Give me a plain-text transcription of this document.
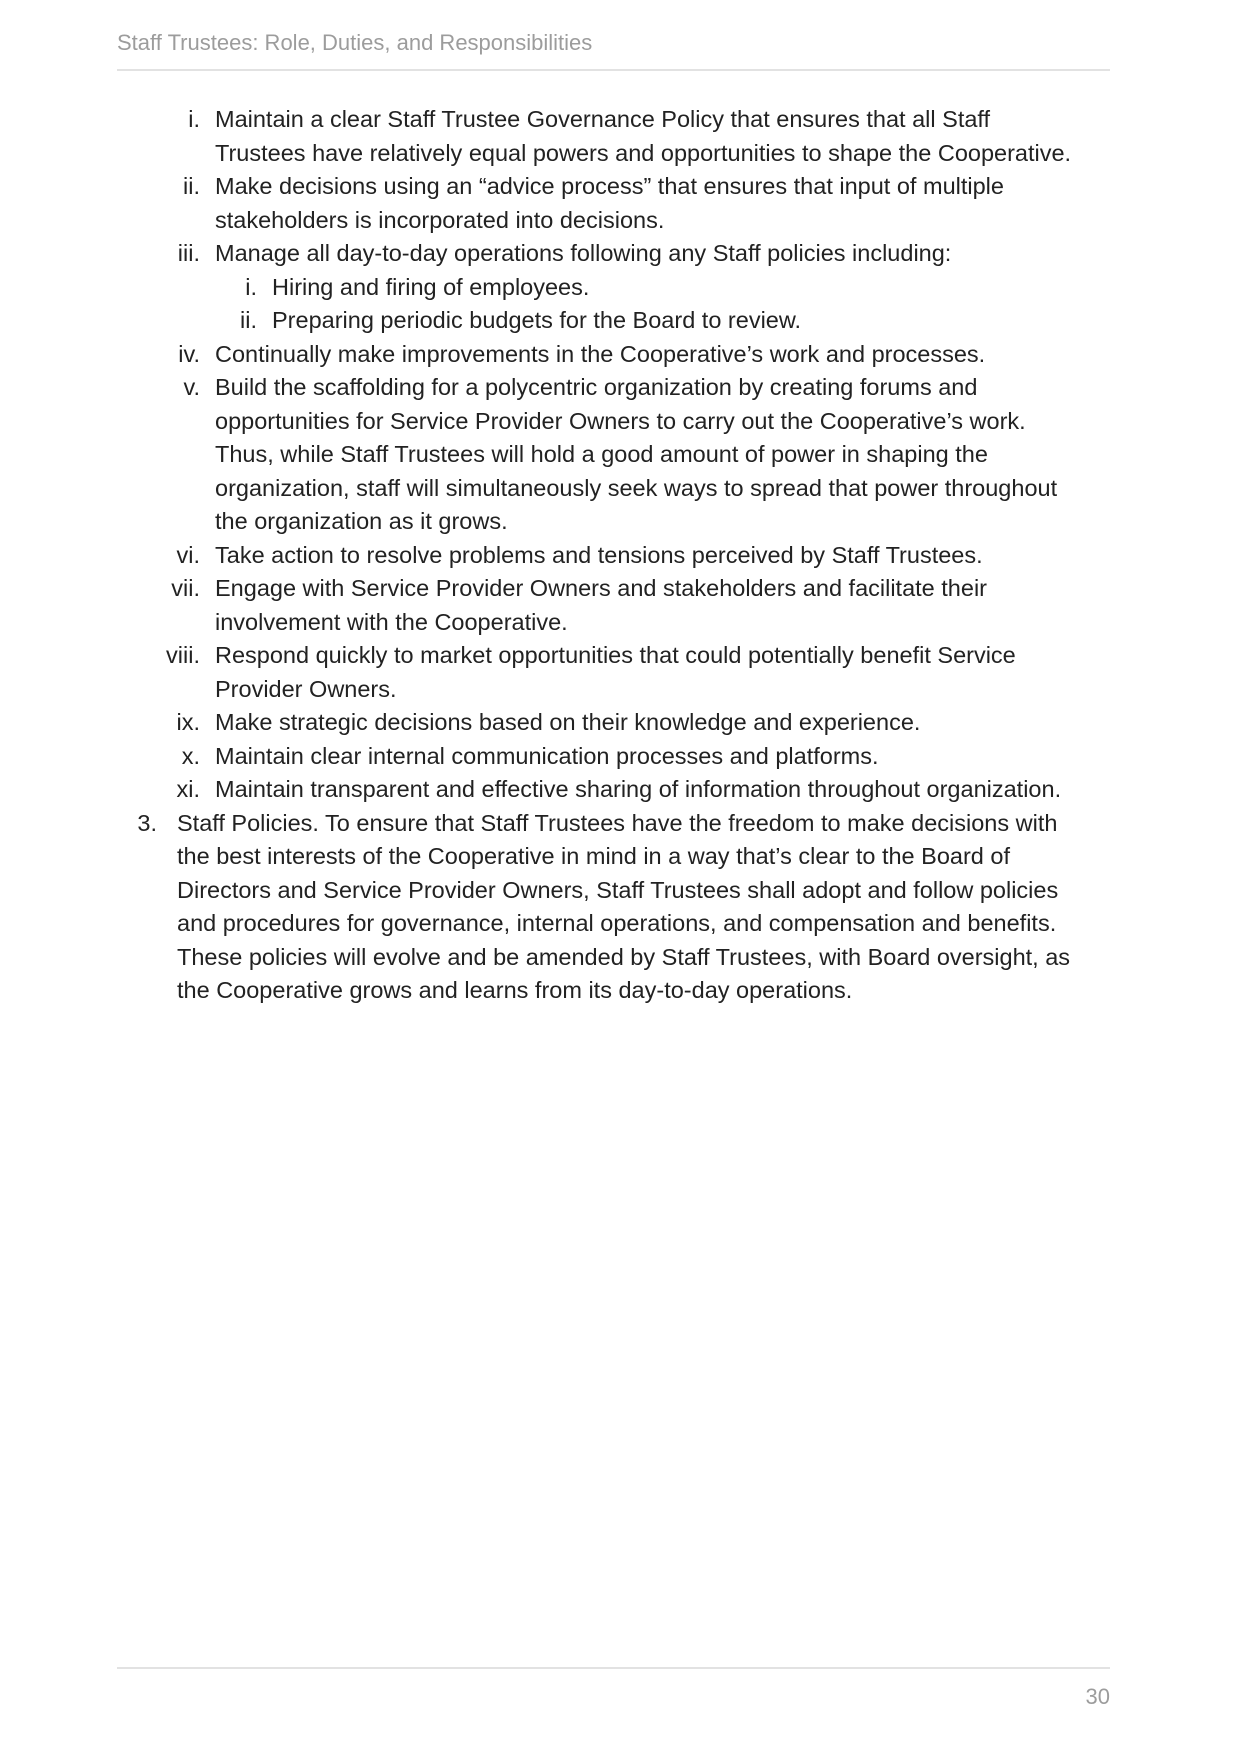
Staff Trustees: Role, Duties, and Responsibilities
i. Maintain a clear Staff Trustee Governance Policy that ensures that all Staff
Trustees have relatively equal powers and opportunities to shape the Cooperative.
ii. Make decisions using an “advice process” that ensures that input of multiple
stakeholders is incorporated into decisions.
iii. Manage all day-to-day operations following any Staff policies including:
i. Hiring and firing of employees.
ii. Preparing periodic budgets for the Board to review.
iv. Continually make improvements in the Cooperative’s work and processes.
v. Build the scaffolding for a polycentric organization by creating forums and
opportunities for Service Provider Owners to carry out the Cooperative’s work.
Thus, while Staff Trustees will hold a good amount of power in shaping the
organization, staff will simultaneously seek ways to spread that power throughout
the organization as it grows.
vi. Take action to resolve problems and tensions perceived by Staff Trustees.
vii. Engage with Service Provider Owners and stakeholders and facilitate their
involvement with the Cooperative.
viii. Respond quickly to market opportunities that could potentially benefit Service
Provider Owners.
ix. Make strategic decisions based on their knowledge and experience.
x. Maintain clear internal communication processes and platforms.
xi. Maintain transparent and effective sharing of information throughout organization.
3. Staff Policies. To ensure that Staff Trustees have the freedom to make decisions with
the best interests of the Cooperative in mind in a way that’s clear to the Board of
Directors and Service Provider Owners, Staff Trustees shall adopt and follow policies
and procedures for governance, internal operations, and compensation and benefits.
These policies will evolve and be amended by Staff Trustees, with Board oversight, as
the Cooperative grows and learns from its day-to-day operations.
30
